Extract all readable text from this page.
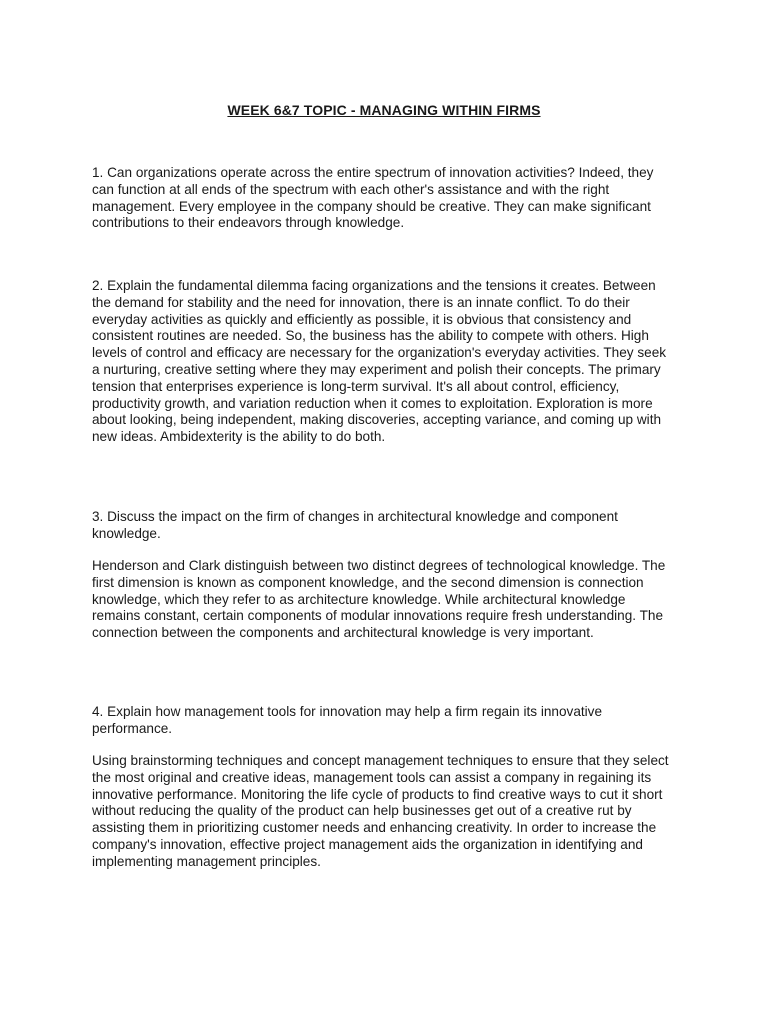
WEEK 6&7 TOPIC - MANAGING WITHIN FIRMS

1. Can organizations operate across the entire spectrum of innovation activities? Indeed, they can function at all ends of the spectrum with each other's assistance and with the right management. Every employee in the company should be creative. They can make significant contributions to their endeavors through knowledge.

2. Explain the fundamental dilemma facing organizations and the tensions it creates. Between the demand for stability and the need for innovation, there is an innate conflict. To do their everyday activities as quickly and efficiently as possible, it is obvious that consistency and consistent routines are needed. So, the business has the ability to compete with others. High levels of control and efficacy are necessary for the organization's everyday activities. They seek a nurturing, creative setting where they may experiment and polish their concepts. The primary tension that enterprises experience is long-term survival. It's all about control, efficiency, productivity growth, and variation reduction when it comes to exploitation. Exploration is more about looking, being independent, making discoveries, accepting variance, and coming up with new ideas. Ambidexterity is the ability to do both.

3. Discuss the impact on the firm of changes in architectural knowledge and component knowledge.

Henderson and Clark distinguish between two distinct degrees of technological knowledge. The first dimension is known as component knowledge, and the second dimension is connection knowledge, which they refer to as architecture knowledge. While architectural knowledge remains constant, certain components of modular innovations require fresh understanding. The connection between the components and architectural knowledge is very important.

4. Explain how management tools for innovation may help a firm regain its innovative performance.

Using brainstorming techniques and concept management techniques to ensure that they select the most original and creative ideas, management tools can assist a company in regaining its innovative performance. Monitoring the life cycle of products to find creative ways to cut it short without reducing the quality of the product can help businesses get out of a creative rut by assisting them in prioritizing customer needs and enhancing creativity. In order to increase the company's innovation, effective project management aids the organization in identifying and implementing management principles.
